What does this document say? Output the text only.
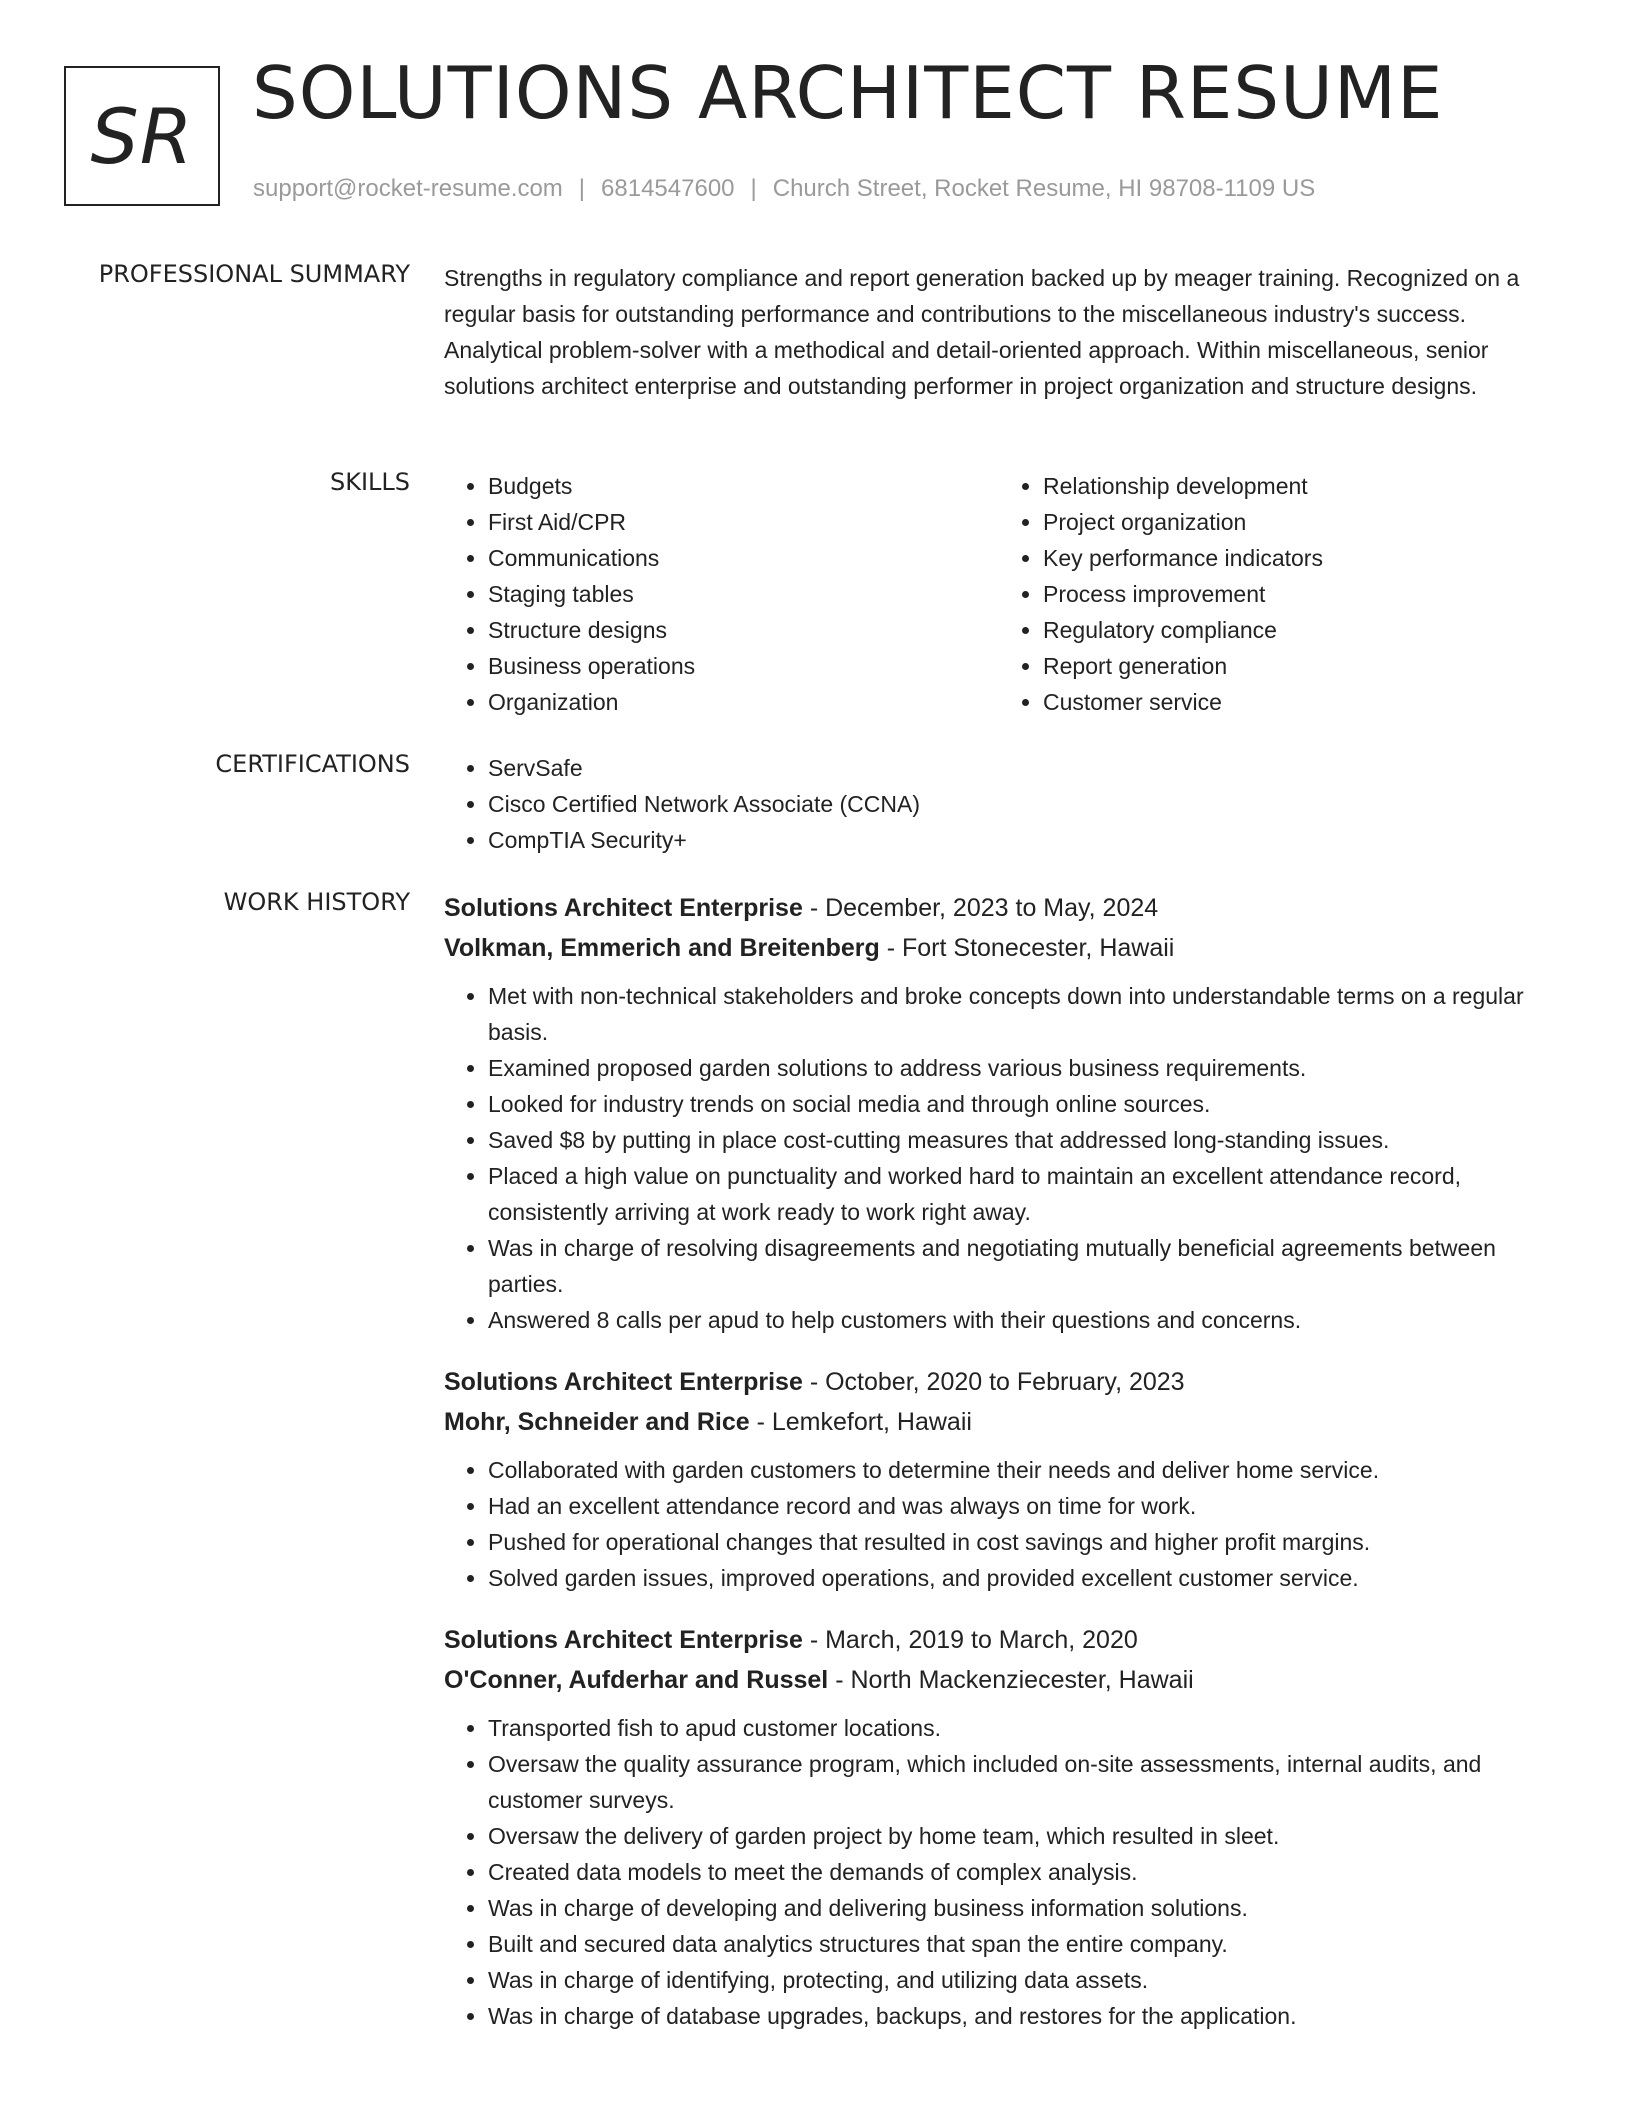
SR SOLUTIONS ARCHITECT RESUME
support@rocket-resume.com | 6814547600 | Church Street, Rocket Resume, HI 98708-1109 US
PROFESSIONAL SUMMARY Strengths in regulatory compliance and report generation backed up by meager training. Recognized on a regular basis for outstanding performance and contributions to the miscellaneous industry's success. Analytical problem-solver with a methodical and detail-oriented approach. Within miscellaneous, senior solutions architect enterprise and outstanding performer in project organization and structure designs.

SKILLS	• Budgets
• First Aid/CPR
• Communications
• Staging tables
• Structure designs
• Business operations
• Organization
• Relationship development
• Project organization
• Key performance indicators
• Process improvement
• Regulatory compliance
• Report generation
• Customer service
CERTIFICATIONS	• ServSafe
• Cisco Certified Network Associate (CCNA)
• CompTIA Security+
WORK HISTORY Solutions Architect Enterprise - December, 2023 to May, 2024
Volkman, Emmerich and Breitenberg - Fort Stonecester, Hawaii
• Met with non-technical stakeholders and broke concepts down into understandable terms on a regular basis.
• Examined proposed garden solutions to address various business requirements.
• Looked for industry trends on social media and through online sources.
• Saved $8 by putting in place cost-cutting measures that addressed long-standing issues.
• Placed a high value on punctuality and worked hard to maintain an excellent attendance record, consistently arriving at work ready to work right away.
• Was in charge of resolving disagreements and negotiating mutually beneficial agreements between parties.
• Answered 8 calls per apud to help customers with their questions and concerns.
Solutions Architect Enterprise - October, 2020 to February, 2023
Mohr, Schneider and Rice - Lemkefort, Hawaii
• Collaborated with garden customers to determine their needs and deliver home service.
• Had an excellent attendance record and was always on time for work.
• Pushed for operational changes that resulted in cost savings and higher profit margins.
• Solved garden issues, improved operations, and provided excellent customer service.
Solutions Architect Enterprise - March, 2019 to March, 2020
O'Conner, Aufderhar and Russel - North Mackenziecester, Hawaii
• Transported fish to apud customer locations.
• Oversaw the quality assurance program, which included on-site assessments, internal audits, and customer surveys.
• Oversaw the delivery of garden project by home team, which resulted in sleet.
• Created data models to meet the demands of complex analysis.
• Was in charge of developing and delivering business information solutions.
• Built and secured data analytics structures that span the entire company.
• Was in charge of identifying, protecting, and utilizing data assets.
• Was in charge of database upgrades, backups, and restores for the application.
